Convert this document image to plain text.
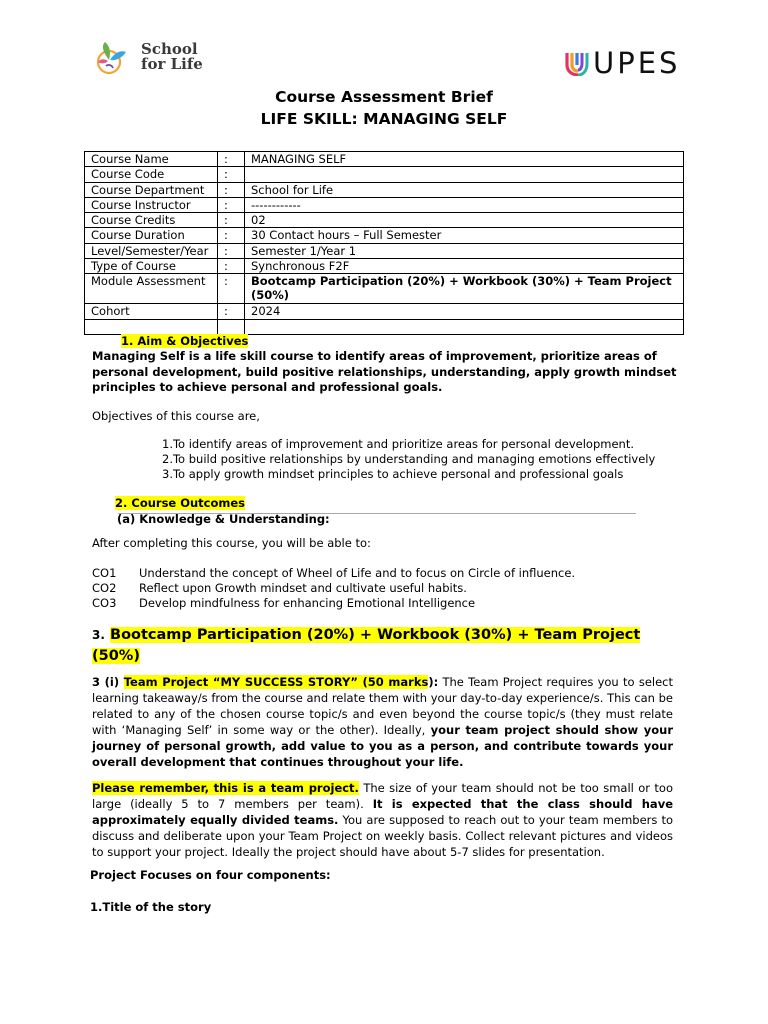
School
for Life	UPES
Course Assessment Brief
LIFE SKILL: MANAGING SELF
Course Name	:	MANAGING SELF
Course Code	:	
Course Department	:	School for Life
Course Instructor	:	------------
Course Credits	:	02
Course Duration	:	30 Contact hours – Full Semester
Level/Semester/Year	:	Semester 1/Year 1
Type of Course	:	Synchronous F2F
Module Assessment	:	Bootcamp Participation (20%) + Workbook (30%) + Team Project (50%)
Cohort	:	2024

1. Aim & Objectives
Managing Self is a life skill course to identify areas of improvement, prioritize areas of personal development, build positive relationships, understanding, apply growth mindset principles to achieve personal and professional goals.
Objectives of this course are,
1.To identify areas of improvement and prioritize areas for personal development.
2.To build positive relationships by understanding and managing emotions effectively
3.To apply growth mindset principles to achieve personal and professional goals
2. Course Outcomes
(a) Knowledge & Understanding:
After completing this course, you will be able to:
CO1 Understand the concept of Wheel of Life and to focus on Circle of influence.
CO2 Reflect upon Growth mindset and cultivate useful habits.
CO3 Develop mindfulness for enhancing Emotional Intelligence
3. Bootcamp Participation (20%) + Workbook (30%) + Team Project
(50%)
3 (i) Team Project “MY SUCCESS STORY” (50 marks): The Team Project requires you to select learning takeaway/s from the course and relate them with your day-to-day experience/s. This can be related to any of the chosen course topic/s and even beyond the course topic/s (they must relate with ‘Managing Self’ in some way or the other). Ideally, your team project should show your journey of personal growth, add value to you as a person, and contribute towards your overall development that continues throughout your life.
Please remember, this is a team project. The size of your team should not be too small or too large (ideally 5 to 7 members per team). It is expected that the class should have approximately equally divided teams. You are supposed to reach out to your team members to discuss and deliberate upon your Team Project on weekly basis. Collect relevant pictures and videos to support your project. Ideally the project should have about 5-7 slides for presentation.
Project Focuses on four components:
1.Title of the story
